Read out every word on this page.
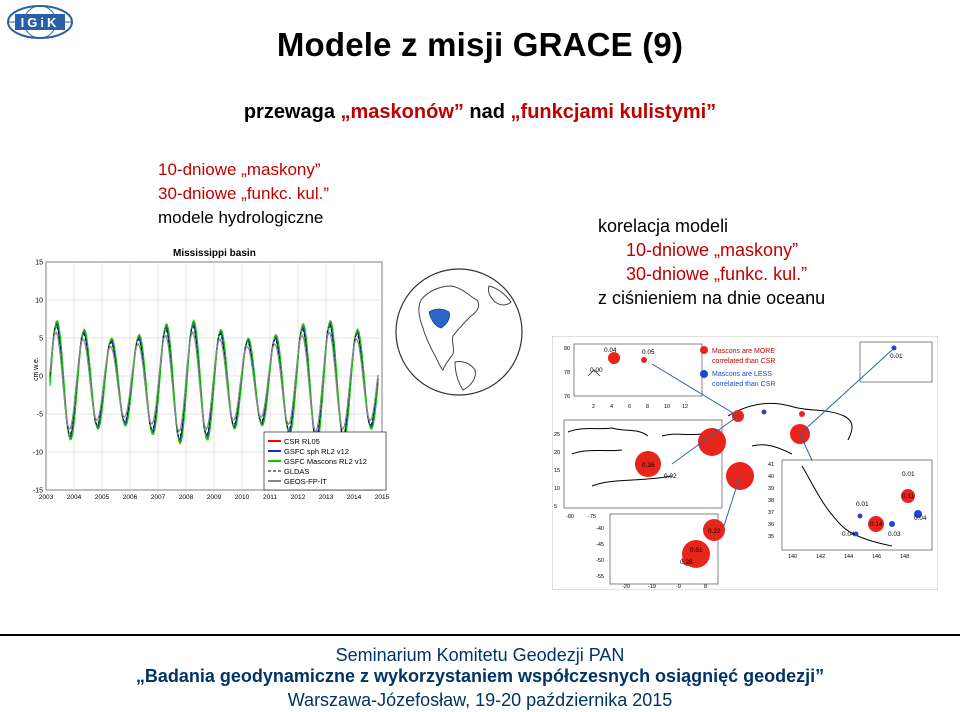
IGiK
Modele z misji GRACE (9)
przewaga „maskonów” nad „funkcjami kulistymi”
10-dniowe „maskony”
30-dniowe „funkc. kul.”
modele hydrologiczne	korelacja modeli
10-dniowe „maskony”
30-dniowe „funkc. kul.”
z ciśnieniem na dnie oceanu
Mississippi basin
cm w.e.
15
10
5
0
-5
-10
-15
2003 2004 2005 2006 2007 2008 2009 2010 2011 2012 2013 2014 2015
CSR RL05
GSFC sph RL2 v12
GSFC Mascons RL2 v12
GLDAS
GEOS-FP-IT
0.04	0.05
0.00
80
78
76
2	4	6	8	10 12
Mascons are MORE
correlated than CSR
Mascons are LESS
correlated than CSR
0.01
0.36
0.02
25
20
15
10
5
-80	-75
0.22
0.51
0.28
-40
-45
-50
-55
-20	-19	-9	8
0.01
0.11
0.01
0.04
0.14
0.03
0.04
41
40
39
38
37
36
35
140	142	144	146	148
Seminarium Komitetu Geodezji PAN
„Badania geodynamiczne z wykorzystaniem współczesnych osiągnięć geodezji”
Warszawa-Józefosław, 19-20 października 2015
